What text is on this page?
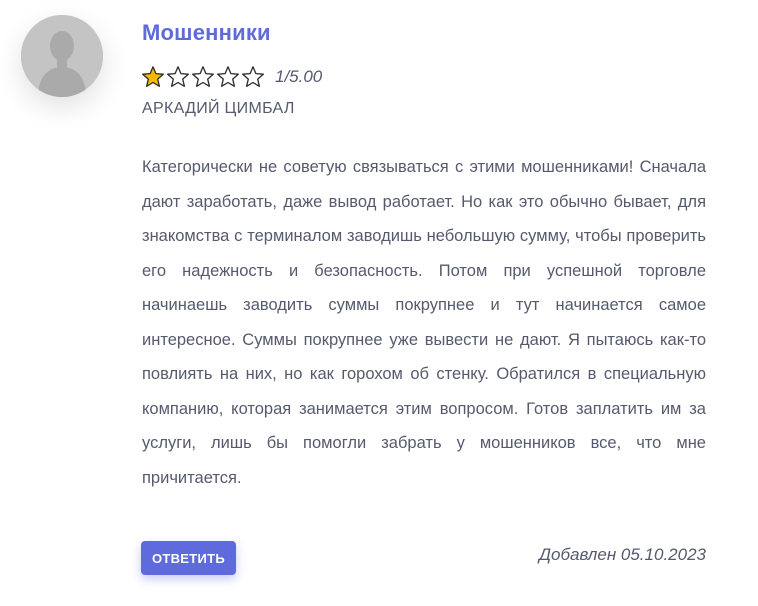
Мошенники
1/5.00
АРКАДИЙ ЦИМБАЛ
Категорически не советую связываться с этими мошенниками! Сначала дают заработать, даже вывод работает. Но как это обычно бывает, для знакомства с терминалом заводишь небольшую сумму, чтобы проверить его надежность и безопасность. Потом при успешной торговле начинаешь заводить суммы покрупнее и тут начинается самое интересное. Суммы покрупнее уже вывести не дают. Я пытаюсь как-то повлиять на них, но как горохом об стенку. Обратился в специальную компанию, которая занимается этим вопросом. Готов заплатить им за услуги, лишь бы помогли забрать у мошенников все, что мне причитается.
ОТВЕТИТЬ	Добавлен 05.10.2023
